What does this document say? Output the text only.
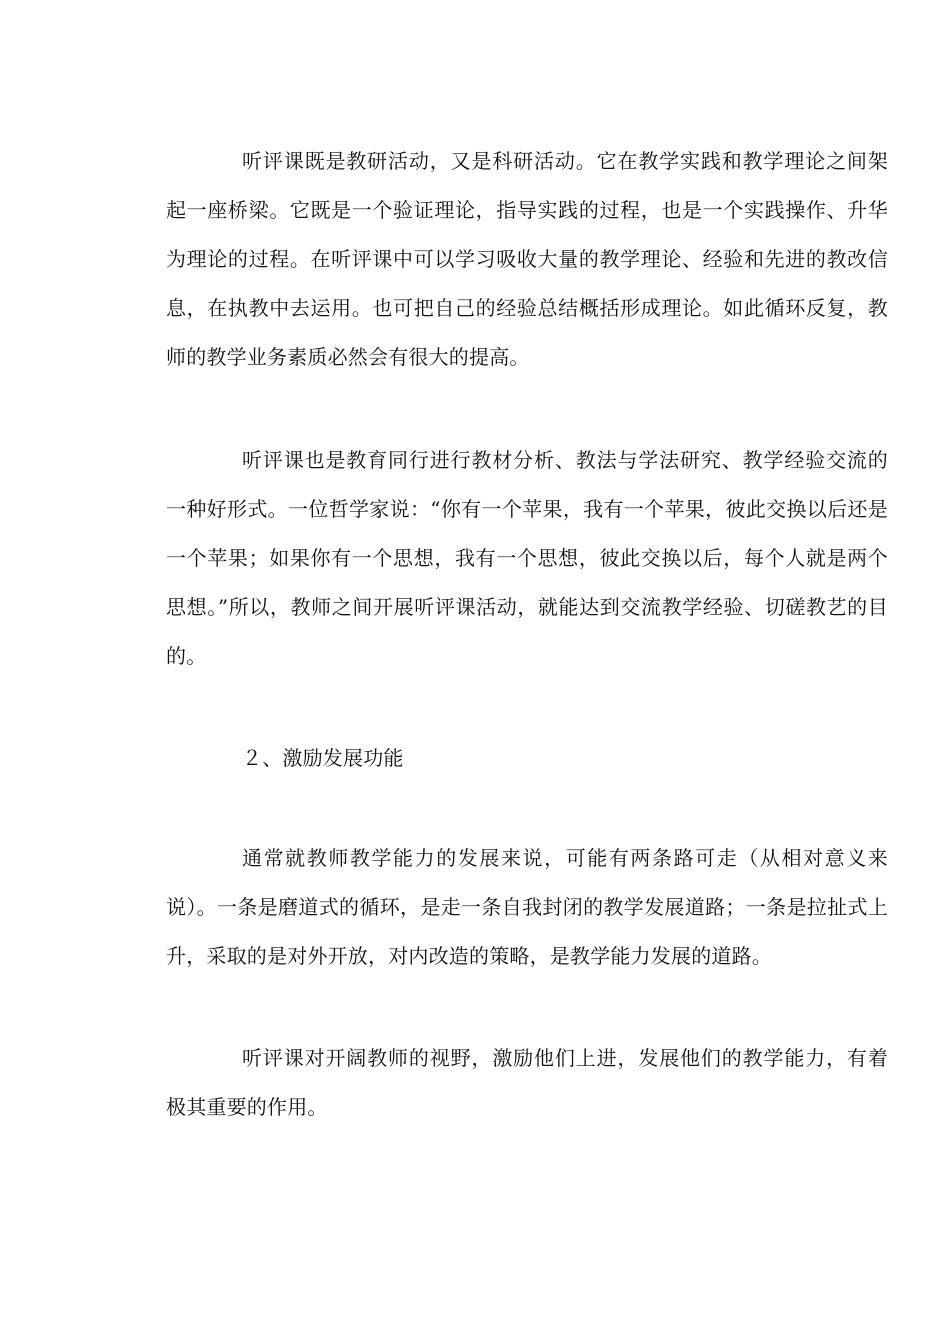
听评课既是教研活动，又是科研活动。它在教学实践和教学理论之间架起一座桥梁。它既是一个验证理论，指导实践的过程，也是一个实践操作、升华为理论的过程。在听评课中可以学习吸收大量的教学理论、经验和先进的教改信息，在执教中去运用。也可把自己的经验总结概括形成理论。如此循环反复，教师的教学业务素质必然会有很大的提高。

听评课也是教育同行进行教材分析、教法与学法研究、教学经验交流的一种好形式。一位哲学家说：“你有一个苹果，我有一个苹果，彼此交换以后还是一个苹果；如果你有一个思想，我有一个思想，彼此交换以后，每个人就是两个思想。”所以，教师之间开展听评课活动，就能达到交流教学经验、切磋教艺的目的。

２、激励发展功能

通常就教师教学能力的发展来说，可能有两条路可走（从相对意义来说）。一条是磨道式的循环，是走一条自我封闭的教学发展道路；一条是拉扯式上升，采取的是对外开放，对内改造的策略，是教学能力发展的道路。

听评课对开阔教师的视野，激励他们上进，发展他们的教学能力，有着极其重要的作用。
